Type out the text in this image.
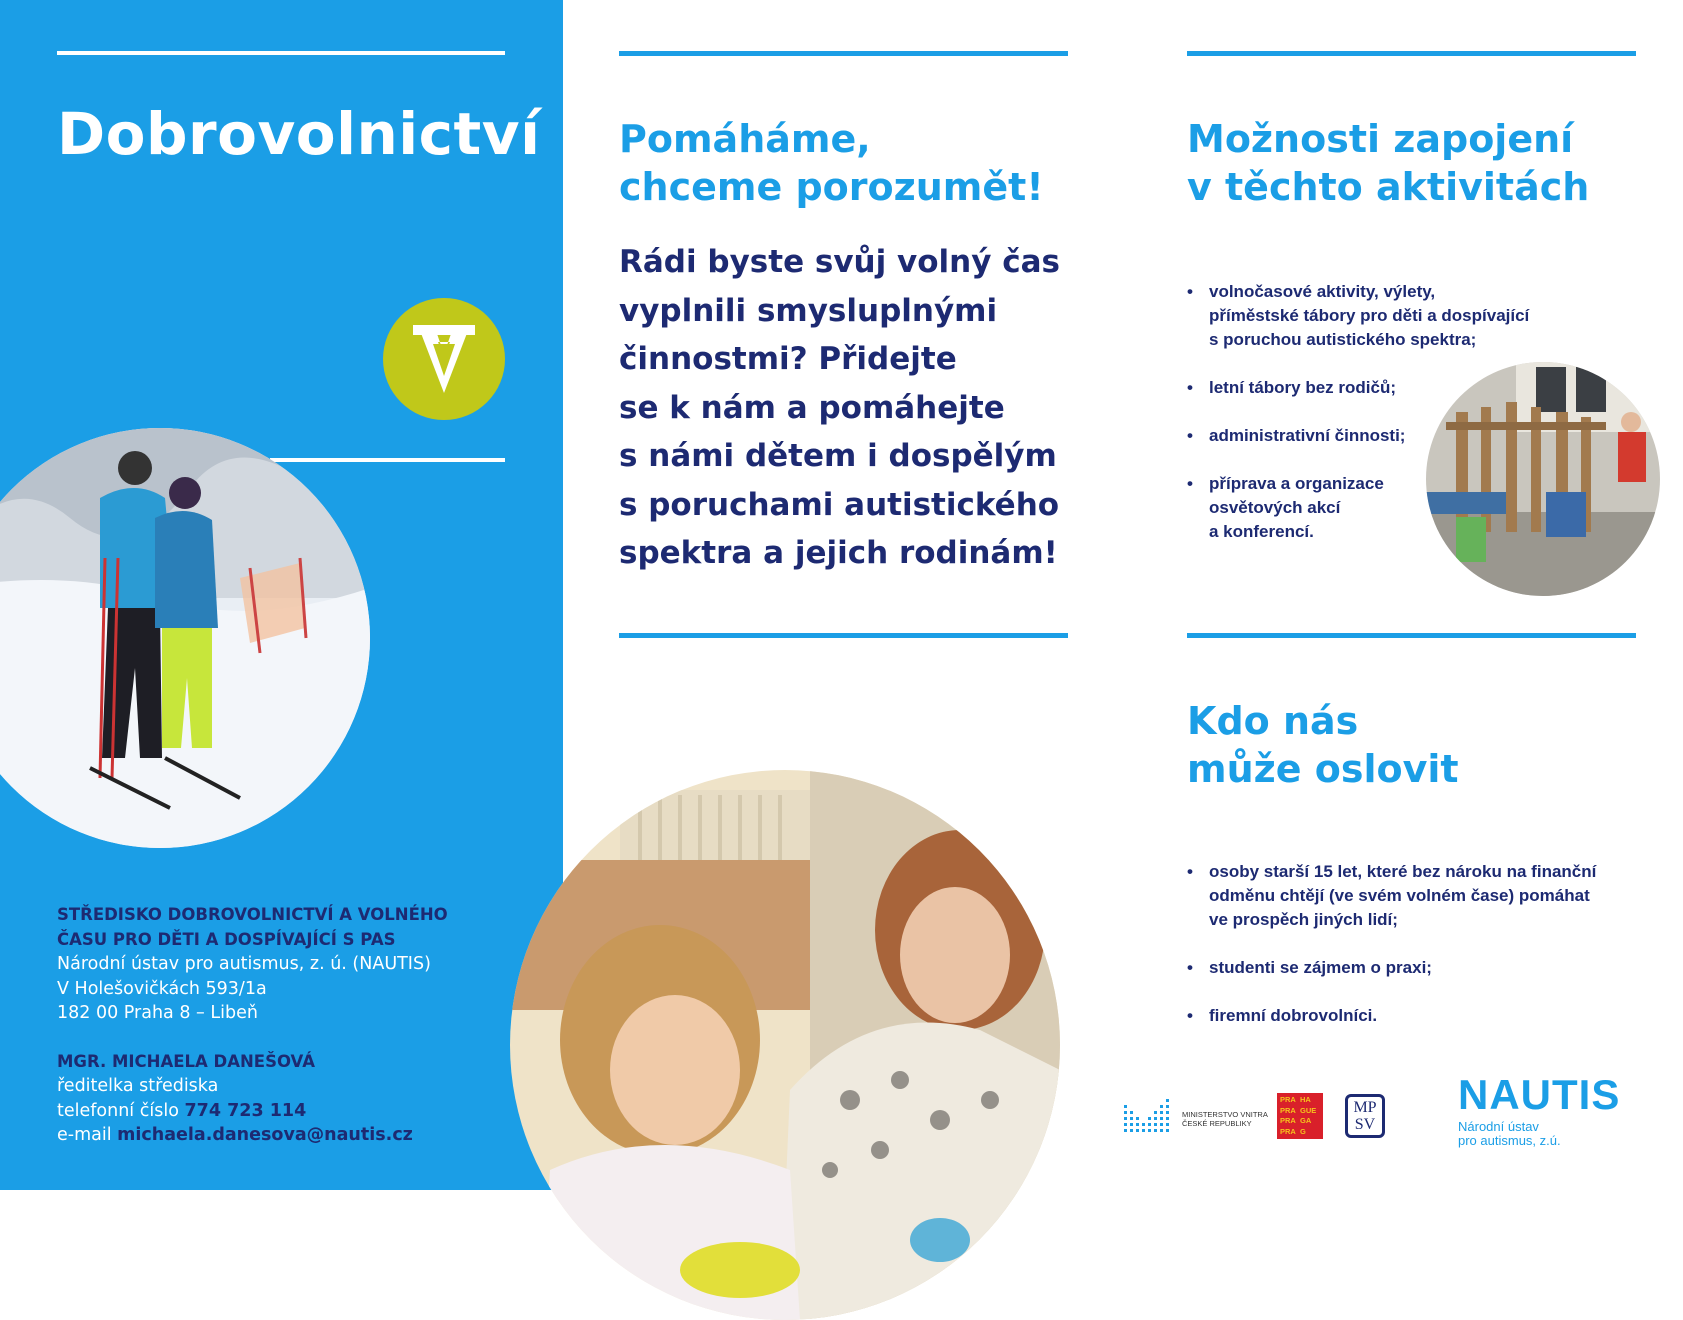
Dobrovolnictví
STŘEDISKO DOBROVOLNICTVÍ A VOLNÉHO
ČASU PRO DĚTI A DOSPÍVAJÍCÍ S PAS
Národní ústav pro autismus, z. ú. (NAUTIS)
V Holešovičkách 593/1a
182 00 Praha 8 – Libeň
MGR. MICHAELA DANEŠOVÁ
ředitelka střediska
telefonní číslo 774 723 114
e-mail michaela.danesova@nautis.cz
Pomáháme,
chceme porozumět!
Rádi byste svůj volný čas
vyplnili smysluplnými
činnostmi? Přidejte
se k nám a pomáhejte
s námi dětem i dospělým
s poruchami autistického
spektra a jejich rodinám!
Možnosti zapojení
v těchto aktivitách

• volnočasové aktivity, výlety,
příměstské tábory pro děti a dospívající
s poruchou autistického spektra;

• letní tábory bez rodičů;

• administrativní činnosti;

• příprava a organizace
osvětových akcí
a konferencí.

Kdo nás
může oslovit

• osoby starší 15 let, které bez nároku na finanční
odměnu chtějí (ve svém volném čase) pomáhat
ve prospěch jiných lidí;

• studenti se zájmem o praxi;

• firemní dobrovolníci.

MINISTERSTVO VNITRA
ČESKÉ REPUBLIKY
PRA HA
PRA GUE
PRA GA
PRA G
MP
SV
NAUTIS
Národní ústav
pro autismus, z.ú.
